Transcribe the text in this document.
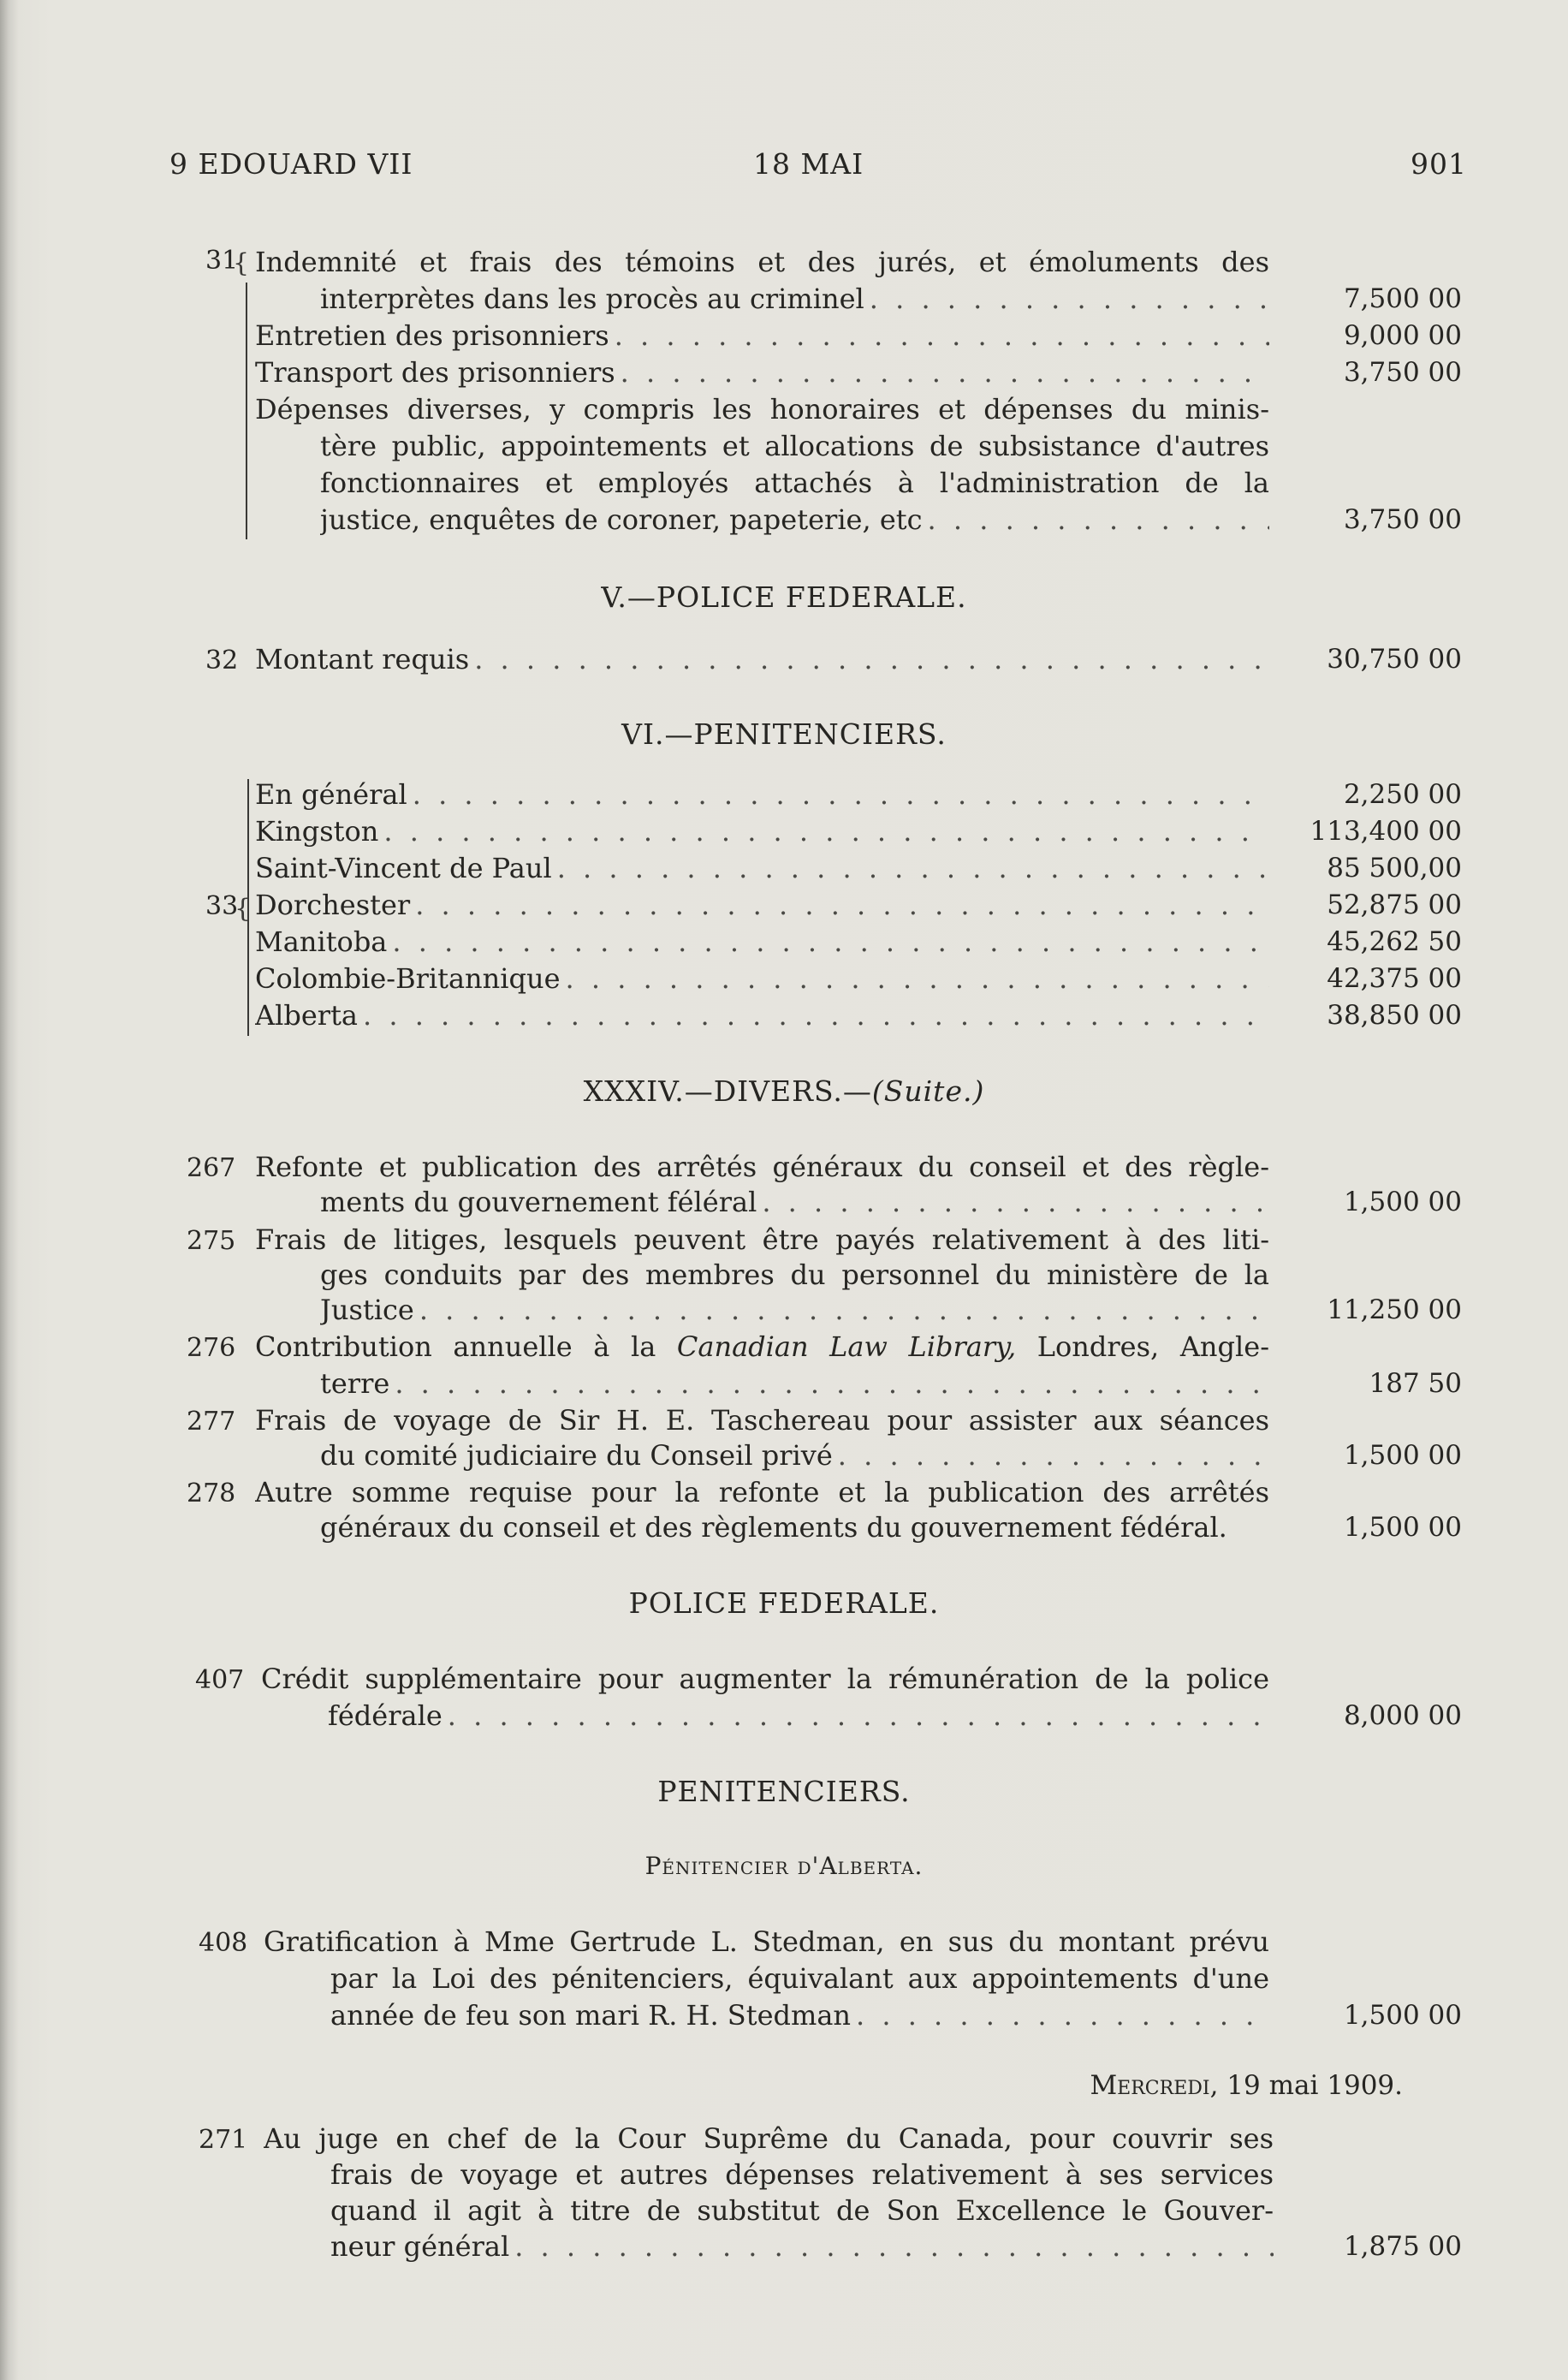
9 EDOUARD VII	18 MAI	901
31
{ Indemnité et frais des témoins et des jurés, et émoluments des
interprètes dans les procès au criminel . . .	7,500 00
Entretien des prisonniers . . .	9,000 00
Transport des prisonniers . . .	3,750 00
Dépenses diverses, y compris les honoraires et dépenses du minis-
tère public, appointements et allocations de subsistance d'autres
fonctionnaires et employés attachés à l'administration de la
justice, enquêtes de coroner, papeterie, etc . . .	3,750 00
V.—POLICE FEDERALE.
32 Montant requis . . .	30,750 00
VI.—PENITENCIERS.
33
{
En général . . .	2,250 00
Kingston . . .	113,400 00
Saint-Vincent de Paul . . .	85 500,00
Dorchester . . .	52,875 00
Manitoba . . .	45,262 50
Colombie-Britannique . . .	42,375 00
Alberta . . .	38,850 00
XXXIV.—DIVERS.—(Suite.)
267 Refonte et publication des arrêtés généraux du conseil et des règle-
ments du gouvernement féléral . . .	1,500 00
275 Frais de litiges, lesquels peuvent être payés relativement à des liti-
ges conduits par des membres du personnel du ministère de la
Justice . . .	11,250 00
276 Contribution annuelle à la Canadian Law Library, Londres, Angle-
terre . . .	187 50
277 Frais de voyage de Sir H. E. Taschereau pour assister aux séances
du comité judiciaire du Conseil privé . . .	1,500 00
278 Autre somme requise pour la refonte et la publication des arrêtés
généraux du conseil et des règlements du gouvernement fédéral.	1,500 00
POLICE FEDERALE.
407 Crédit supplémentaire pour augmenter la rémunération de la police
fédérale . . .	8,000 00
PENITENCIERS.
Pénitencier d'Alberta.
408 Gratification à Mme Gertrude L. Stedman, en sus du montant prévu
par la Loi des pénitenciers, équivalant aux appointements d'une
année de feu son mari R. H. Stedman . . .	1,500 00
Mercredi, 19 mai 1909.
271 Au juge en chef de la Cour Suprême du Canada, pour couvrir ses
frais de voyage et autres dépenses relativement à ses services
quand il agit à titre de substitut de Son Excellence le Gouver-
neur général . . .	1,875 00
